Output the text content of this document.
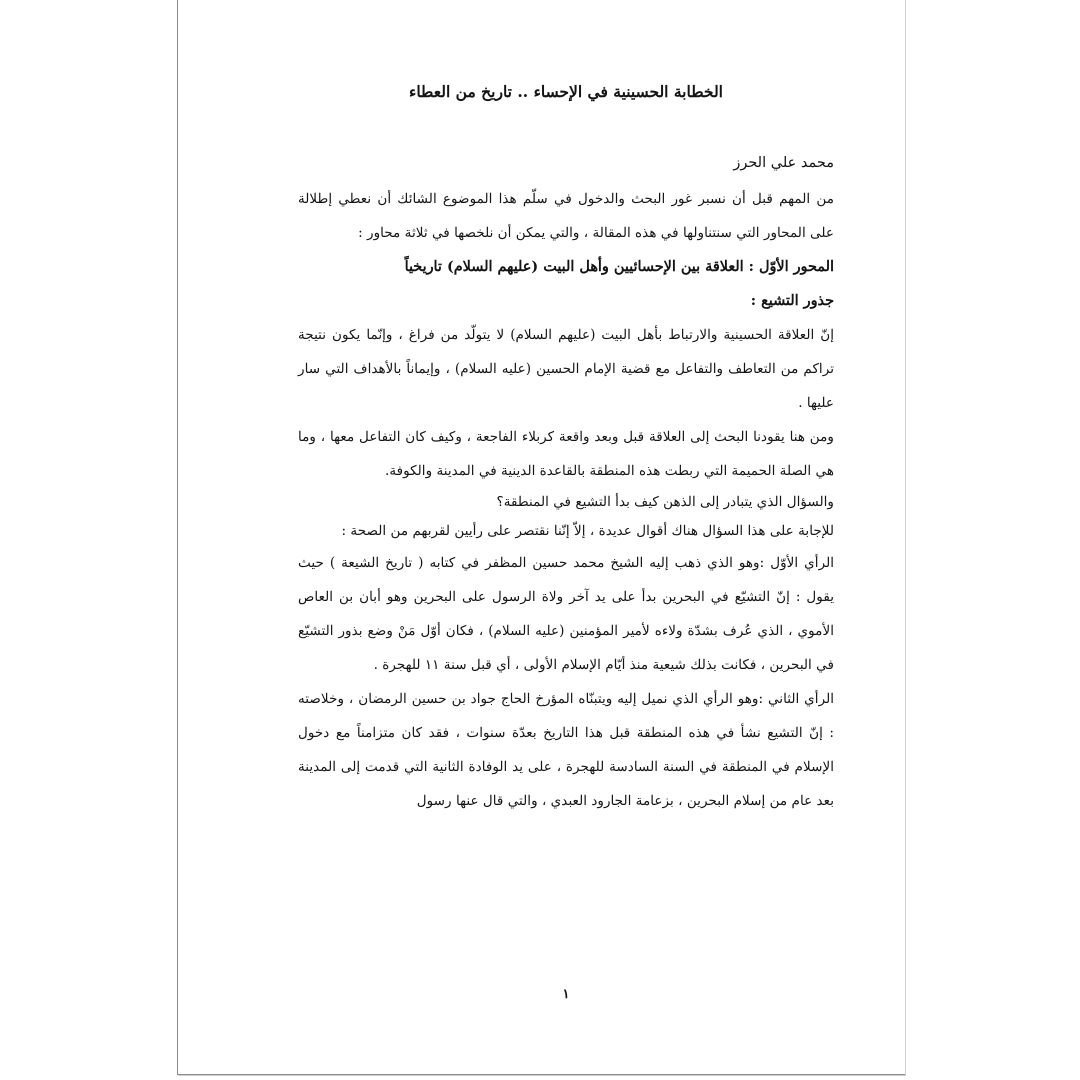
الخطابة الحسينية في الإحساء .. تاريخ من العطاء
محمد علي الحرز

من المهم قبل أن نسبر غور البحث والدخول في سلّم هذا الموضوع الشائك أن نعطي إطلالة على المحاور التي سنتناولها في هذه المقالة ، والتي يمكن أن نلخصها في ثلاثة محاور :

المحور الأوّل : العلاقة بين الإحسائيين وأهل البيت (عليهم السلام) تاريخياً

جذور التشيع :

إنّ العلاقة الحسينية والارتباط بأهل البيت (عليهم السلام) لا يتولّد من فراغ ، وإنّما يكون نتيجة تراكم من التعاطف والتفاعل مع قضية الإمام الحسين (عليه السلام) ، وإيماناً بالأهداف التي سار عليها .

ومن هنا يقودنا البحث إلى العلاقة قبل وبعد واقعة كربلاء الفاجعة ، وكيف كان التفاعل معها ، وما هي الصلة الحميمة التي ربطت هذه المنطقة بالقاعدة الدينية في المدينة والكوفة.

والسؤال الذي يتبادر إلى الذهن كيف بدأ التشيع في المنطقة؟

للإجابة على هذا السؤال هناك أقوال عديدة ، إلاّ إنّنا نقتصر على رأيين لقربهم من الصحة :

الرأي الأوّل :وهو الذي ذهب إليه الشيخ محمد حسين المظفر في كتابه ( تاريخ الشيعة ) حيث يقول : إنّ التشيّع في البحرين بدأ على يد آخر ولاة الرسول على البحرين وهو أبان بن العاص الأموي ، الذي عُرف بشدّة ولاءه لأمير المؤمنين (عليه السلام) ، فكان أوّل مَنْ وضع بذور التشيّع في البحرين ، فكانت بذلك شيعية منذ أيّام الإسلام الأولى ، أي قبل سنة ١١ للهجرة .

الرأي الثاني :وهو الرأي الذي نميل إليه ويتبنّاه المؤرخ الحاج جواد بن حسين الرمضان ، وخلاصته : إنّ التشيع نشأ في هذه المنطقة قبل هذا التاريخ بعدّة سنوات ، فقد كان متزامناً مع دخول الإسلام في المنطقة في السنة السادسة للهجرة ، على يد الوفادة الثانية التي قدمت إلى المدينة بعد عام من إسلام البحرين ، بزعامة الجارود العبدي ، والتي قال عنها رسول

١
